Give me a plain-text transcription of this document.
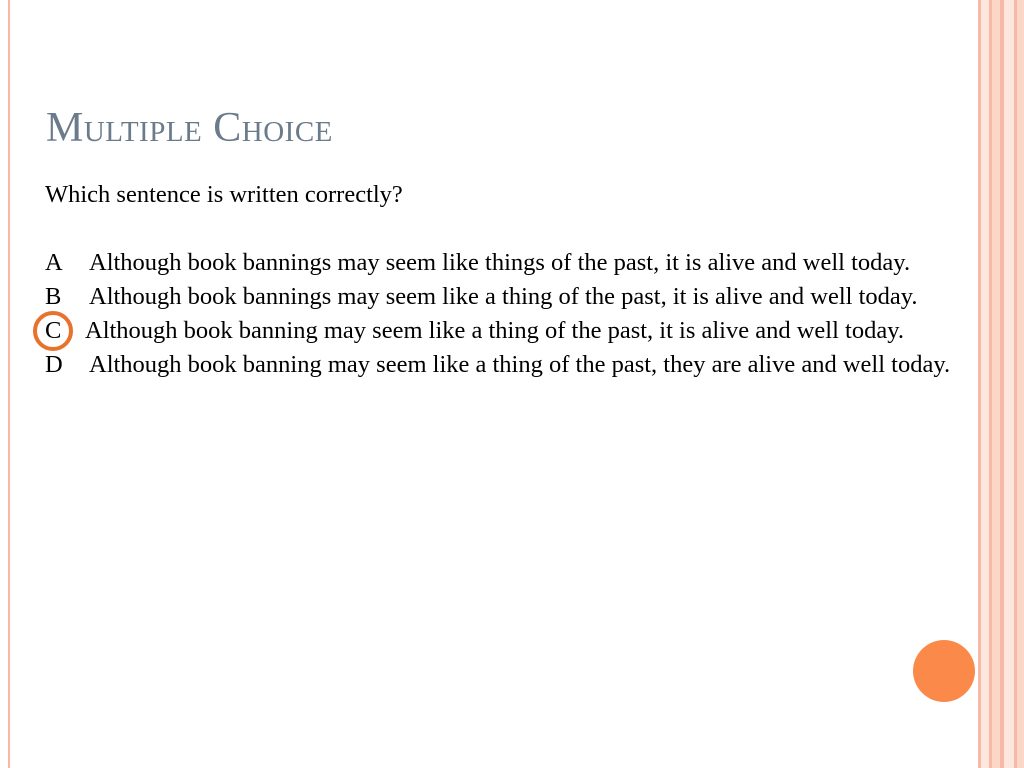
Multiple Choice

Which sentence is written correctly?

A Although book bannings may seem like things of the past, it is alive and well today.

B Although book bannings may seem like a thing of the past, it is alive and well today.

C Although book banning may seem like a thing of the past, it is alive and well today.

D Although book banning may seem like a thing of the past, they are alive and well today.
